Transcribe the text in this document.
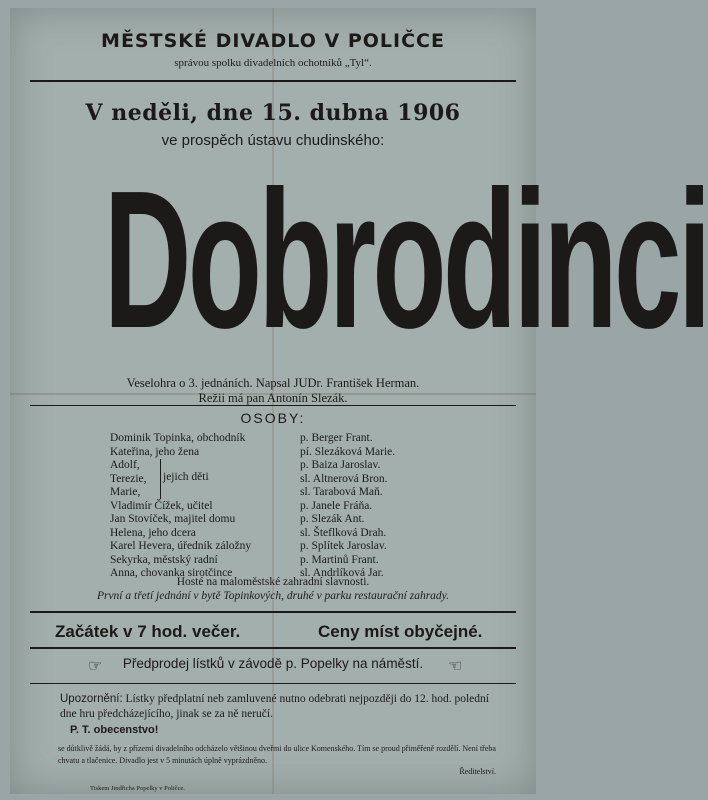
MĚSTSKÉ DIVADLO V POLIČCE
správou spolku divadelních ochotníků „Tyl“.
V neděli, dne 15. dubna 1906
ve prospěch ústavu chudinského:
Dobrodinci
Veselohra o 3. jednáních. Napsal JUDr. František Herman.
Režii má pan Antonín Slezák.
OSOBY:
Dominik Topinka, obchodník	p. Berger Frant.
Kateřina, jeho žena	pí. Slezáková Marie.
Adolf,	p. Baiza Jaroslav.
Terezie,	sl. Altnerová Bron.
Marie,	sl. Tarabová Maň.
Vladimír Čížek, učitel	p. Janele Fráňa.
Jan Stovíček, majitel domu	p. Slezák Ant.
Helena, jeho dcera	sl. Šteflková Drah.
Karel Hevera, úředník záložny	p. Splítek Jaroslav.
Sekyrka, městský radní	p. Martinů Frant.
Anna, chovanka sirotčince	sl. Andrlíková Jar.
jejich děti
Hosté na maloměstské zahradní slavnosti.
První a třetí jednání v bytě Topinkových, druhé v parku restaurační zahrady.
Začátek v 7 hod. večer.	Ceny míst obyčejné.
☞	Předprodej lístků v závodě p. Popelky na náměstí.	☜
Upozornění: Lístky předplatní neb zamluvené nutno odebrati nejpozději do 12. hod. polední dne hru předcházejícího, jinak se za ně neručí.
P. T. obecenstvo!
se důtklivě žádá, by z přízemí divadelního odcházelo většinou dveřmi do ulice Komenského. Tím se proud přiměřeně rozdělí. Není třeba chvatu a tlačenice. Divadlo jest v 5 minutách úplně vyprázdněno.
Ředitelství.
Tiskem Jindřicha Popelky v Poličce.
